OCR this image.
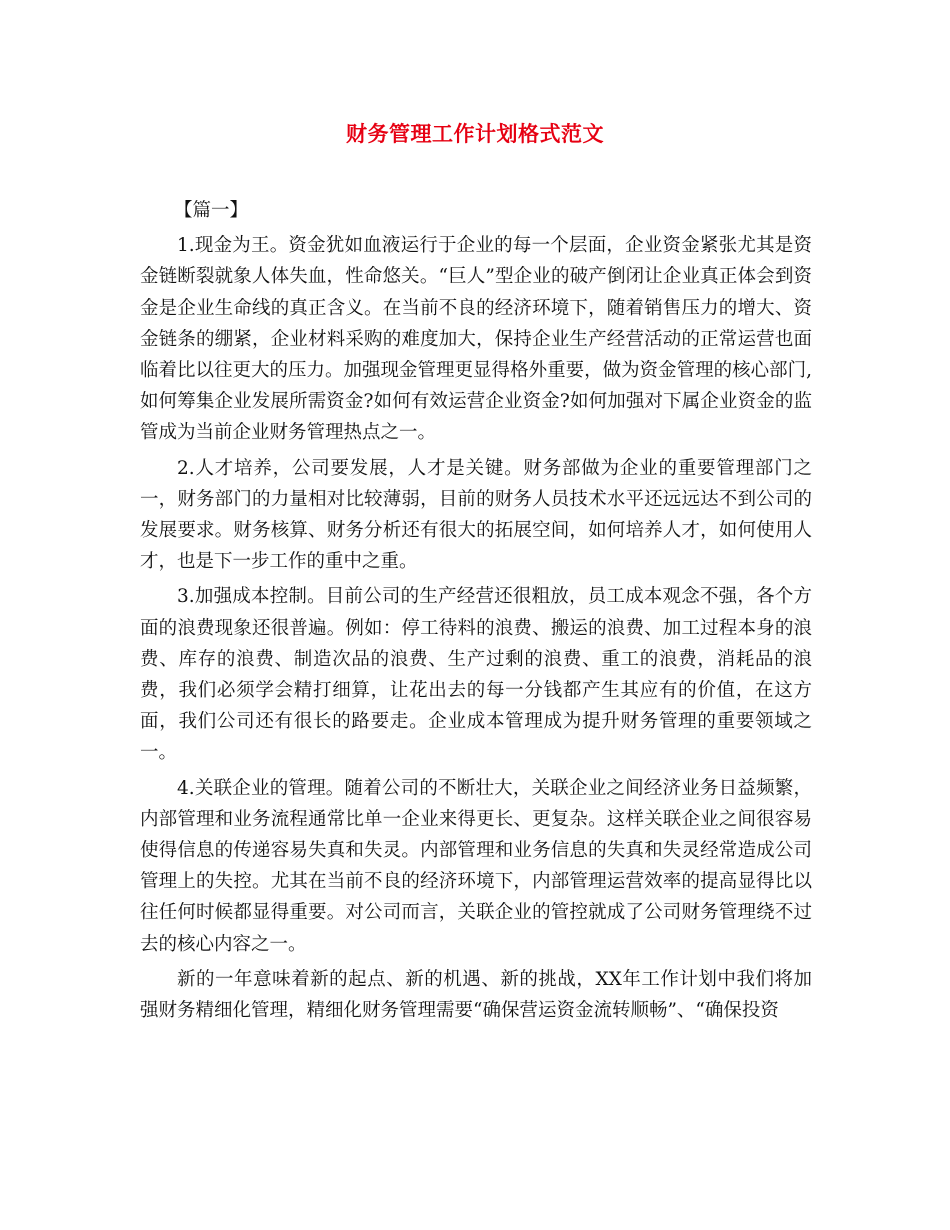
财务管理工作计划格式范文

【篇一】

1.现金为王。资金犹如血液运行于企业的每一个层面，企业资金紧张尤其是资金链断裂就象人体失血，性命悠关。“巨人”型企业的破产倒闭让企业真正体会到资金是企业生命线的真正含义。在当前不良的经济环境下，随着销售压力的增大、资金链条的绷紧，企业材料采购的难度加大，保持企业生产经营活动的正常运营也面临着比以往更大的压力。加强现金管理更显得格外重要，做为资金管理的核心部门,如何筹集企业发展所需资金?如何有效运营企业资金?如何加强对下属企业资金的监管成为当前企业财务管理热点之一。

2.人才培养，公司要发展，人才是关键。财务部做为企业的重要管理部门之一，财务部门的力量相对比较薄弱，目前的财务人员技术水平还远远达不到公司的发展要求。财务核算、财务分析还有很大的拓展空间，如何培养人才，如何使用人才，也是下一步工作的重中之重。

3.加强成本控制。目前公司的生产经营还很粗放，员工成本观念不强，各个方面的浪费现象还很普遍。例如：停工待料的浪费、搬运的浪费、加工过程本身的浪费、库存的浪费、制造次品的浪费、生产过剩的浪费、重工的浪费，消耗品的浪费，我们必须学会精打细算，让花出去的每一分钱都产生其应有的价值，在这方面，我们公司还有很长的路要走。企业成本管理成为提升财务管理的重要领域之一。

4.关联企业的管理。随着公司的不断壮大，关联企业之间经济业务日益频繁，内部管理和业务流程通常比单一企业来得更长、更复杂。这样关联企业之间很容易使得信息的传递容易失真和失灵。内部管理和业务信息的失真和失灵经常造成公司管理上的失控。尤其在当前不良的经济环境下，内部管理运营效率的提高显得比以往任何时候都显得重要。对公司而言，关联企业的管控就成了公司财务管理绕不过去的核心内容之一。

新的一年意味着新的起点、新的机遇、新的挑战，XX年工作计划中我们将加强财务精细化管理，精细化财务管理需要“确保营运资金流转顺畅”、“确保投资
